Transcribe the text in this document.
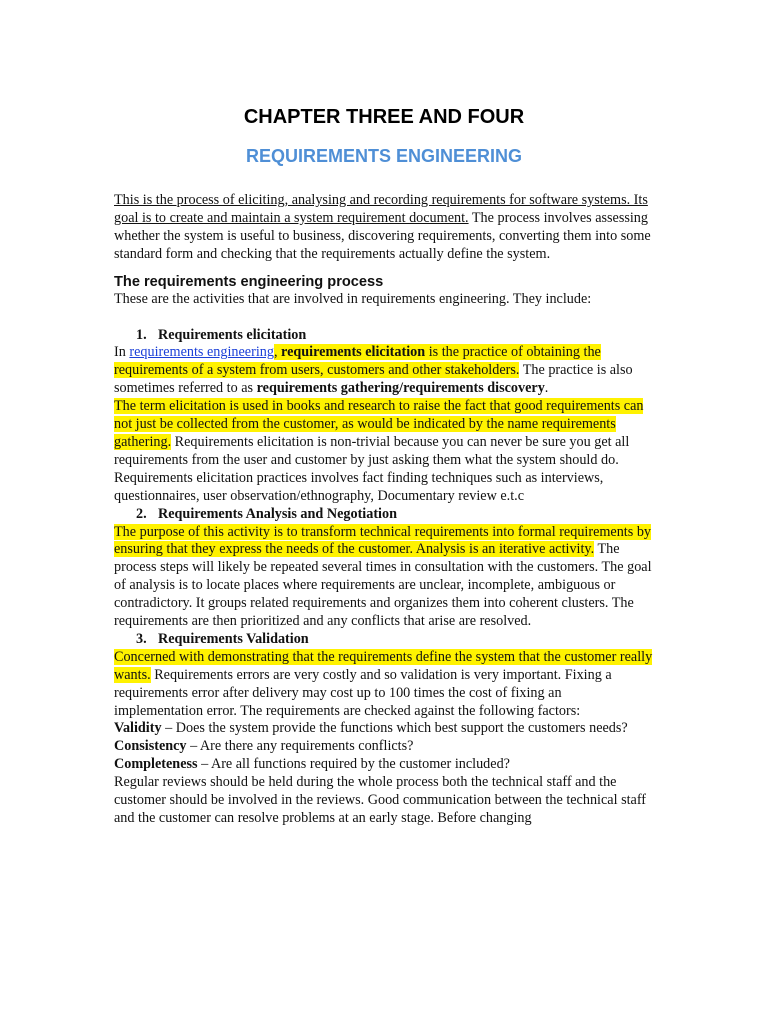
CHAPTER THREE AND FOUR
REQUIREMENTS ENGINEERING

This is the process of eliciting, analysing and recording requirements for software systems. Its goal is to create and maintain a system requirement document. The process involves assessing whether the system is useful to business, discovering requirements, converting them into some standard form and checking that the requirements actually define the system.

The requirements engineering process

These are the activities that are involved in requirements engineering. They include:

1. Requirements elicitation

In requirements engineering, requirements elicitation is the practice of obtaining the requirements of a system from users, customers and other stakeholders. The practice is also sometimes referred to as requirements gathering/requirements discovery.
The term elicitation is used in books and research to raise the fact that good requirements can not just be collected from the customer, as would be indicated by the name requirements gathering. Requirements elicitation is non-trivial because you can never be sure you get all requirements from the user and customer by just asking them what the system should do. Requirements elicitation practices involves fact finding techniques such as interviews, questionnaires, user observation/ethnography, Documentary review e.t.c

2. Requirements Analysis and Negotiation

The purpose of this activity is to transform technical requirements into formal requirements by ensuring that they express the needs of the customer. Analysis is an iterative activity. The process steps will likely be repeated several times in consultation with the customers. The goal of analysis is to locate places where requirements are unclear, incomplete, ambiguous or contradictory. It groups related requirements and organizes them into coherent clusters. The requirements are then prioritized and any conflicts that arise are resolved.

3. Requirements Validation

Concerned with demonstrating that the requirements define the system that the customer really wants. Requirements errors are very costly and so validation is very important. Fixing a requirements error after delivery may cost up to 100 times the cost of fixing an implementation error. The requirements are checked against the following factors:

Validity – Does the system provide the functions which best support the customers needs?

Consistency – Are there any requirements conflicts?

Completeness – Are all functions required by the customer included?

Regular reviews should be held during the whole process both the technical staff and the customer should be involved in the reviews. Good communication between the technical staff and the customer can resolve problems at an early stage. Before changing
